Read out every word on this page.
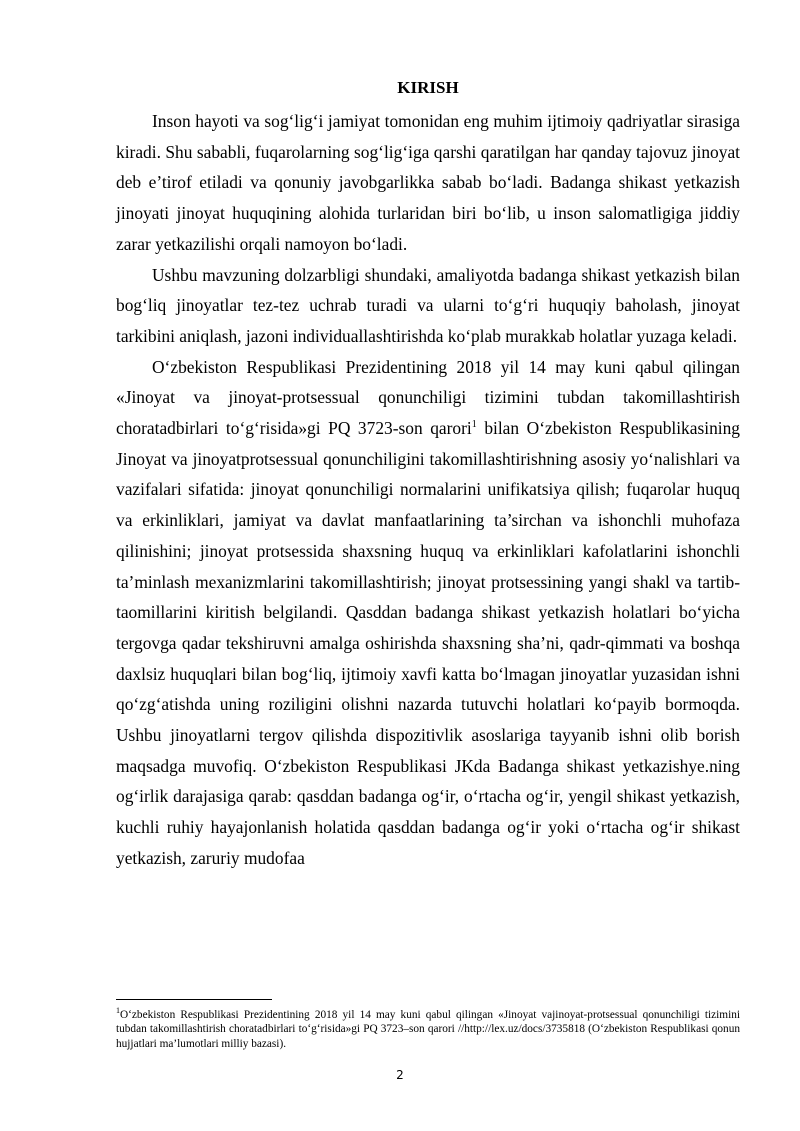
KIRISH

Inson hayoti va sog‘lig‘i jamiyat tomonidan eng muhim ijtimoiy qadriyatlar sirasiga kiradi. Shu sababli, fuqarolarning sog‘lig‘iga qarshi qaratilgan har qanday tajovuz jinoyat deb e’tirof etiladi va qonuniy javobgarlikka sabab bo‘ladi. Badanga shikast yetkazish jinoyati jinoyat huquqining alohida turlaridan biri bo‘lib, u inson salomatligiga jiddiy zarar yetkazilishi orqali namoyon bo‘ladi.

Ushbu mavzuning dolzarbligi shundaki, amaliyotda badanga shikast yetkazish bilan bog‘liq jinoyatlar tez-tez uchrab turadi va ularni to‘g‘ri huquqiy baholash, jinoyat tarkibini aniqlash, jazoni individuallashtirishda ko‘plab murakkab holatlar yuzaga keladi.

O‘zbekiston Respublikasi Prezidentining 2018 yil 14 may kuni qabul qilingan «Jinoyat va jinoyat-protsessual qonunchiligi tizimini tubdan takomillashtirish choratadbirlari to‘g‘risida»gi PQ 3723-son qarori$^1$ bilan O‘zbekiston Respublikasining Jinoyat va jinoyatprotsessual qonunchiligini takomillashtirishning asosiy yo‘nalishlari va vazifalari sifatida: jinoyat qonunchiligi normalarini unifikatsiya qilish; fuqarolar huquq va erkinliklari, jamiyat va davlat manfaatlarining ta’sirchan va ishonchli muhofaza qilinishini; jinoyat protsessida shaxsning huquq va erkinliklari kafolatlarini ishonchli ta’minlash mexanizmlarini takomillashtirish; jinoyat protsessining yangi shakl va tartib-taomillarini kiritish belgilandi. Qasddan badanga shikast yetkazish holatlari bo‘yicha tergovga qadar tekshiruvni amalga oshirishda shaxsning sha’ni, qadr-qimmati va boshqa daxlsiz huquqlari bilan bog‘liq, ijtimoiy xavfi katta bo‘lmagan jinoyatlar yuzasidan ishni qo‘zg‘atishda uning roziligini olishni nazarda tutuvchi holatlari ko‘payib bormoqda. Ushbu jinoyatlarni tergov qilishda dispozitivlik asoslariga tayyanib ishni olib borish maqsadga muvofiq. O‘zbekiston Respublikasi JKda Badanga shikast yetkazishye.ning og‘irlik darajasiga qarab: qasddan badanga og‘ir, o‘rtacha og‘ir, yengil shikast yetkazish, kuchli ruhiy hayajonlanish holatida qasddan badanga og‘ir yoki o‘rtacha og‘ir shikast yetkazish, zaruriy mudofaa

$^1$O‘zbekiston Respublikasi Prezidentining 2018 yil 14 may kuni qabul qilingan «Jinoyat vajinoyat-protsessual qonunchiligi tizimini tubdan takomillashtirish choratadbirlari to‘g‘risida»gi PQ 3723–son qarori //http://lex.uz/docs/3735818 (O‘zbekiston Respublikasi qonun hujjatlari ma’lumotlari milliy bazasi).
2
